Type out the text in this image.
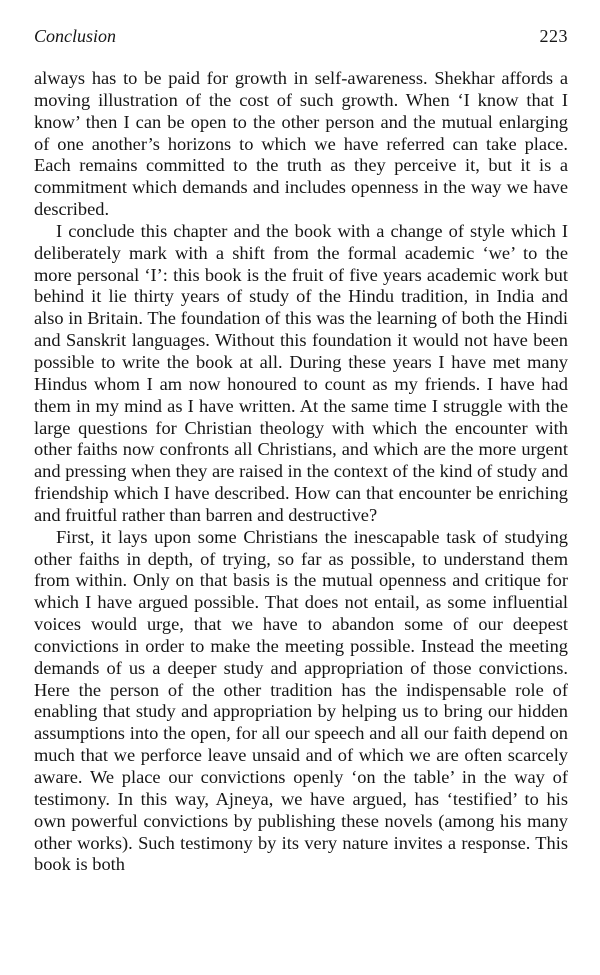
Conclusion	223

always has to be paid for growth in self-awareness. Shekhar affords a moving illustration of the cost of such growth. When ‘I know that I know’ then I can be open to the other person and the mutual enlarging of one another’s horizons to which we have referred can take place. Each remains committed to the truth as they perceive it, but it is a commitment which demands and includes openness in the way we have described.

I conclude this chapter and the book with a change of style which I deliberately mark with a shift from the formal academic ‘we’ to the more personal ‘I’: this book is the fruit of five years academic work but behind it lie thirty years of study of the Hindu tradition, in India and also in Britain. The foundation of this was the learning of both the Hindi and Sanskrit languages. Without this foundation it would not have been possible to write the book at all. During these years I have met many Hindus whom I am now honoured to count as my friends. I have had them in my mind as I have written. At the same time I struggle with the large questions for Christian theology with which the encounter with other faiths now confronts all Christians, and which are the more urgent and pressing when they are raised in the context of the kind of study and friendship which I have described. How can that encounter be enriching and fruitful rather than barren and destructive?

First, it lays upon some Christians the inescapable task of studying other faiths in depth, of trying, so far as possible, to understand them from within. Only on that basis is the mutual openness and critique for which I have argued possible. That does not entail, as some influential voices would urge, that we have to abandon some of our deepest convictions in order to make the meeting possible. Instead the meeting demands of us a deeper study and appropriation of those convictions. Here the person of the other tradition has the indispensable role of enabling that study and appropriation by helping us to bring our hidden assumptions into the open, for all our speech and all our faith depend on much that we perforce leave unsaid and of which we are often scarcely aware. We place our convictions openly ‘on the table’ in the way of testimony. In this way, Ajneya, we have argued, has ‘testified’ to his own powerful convictions by publishing these novels (among his many other works). Such testimony by its very nature invites a response. This book is both
